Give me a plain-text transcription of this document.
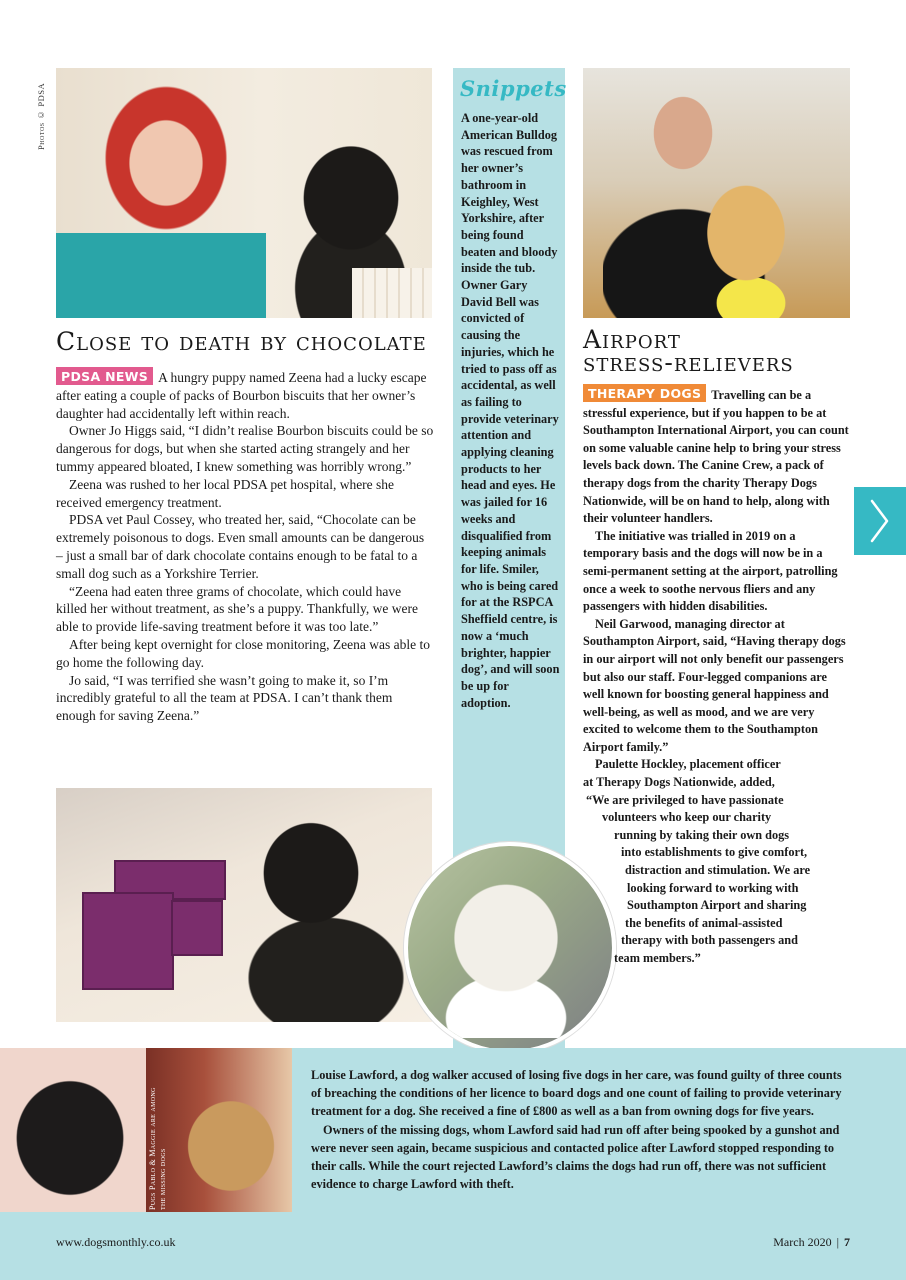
Photos © PDSA
Close to death by chocolate

PDSA NEWS A hungry puppy named Zeena had a lucky escape after eating a couple of packs of Bourbon biscuits that her owner’s daughter had accidentally left within reach.

Owner Jo Higgs said, “I didn’t realise Bourbon biscuits could be so dangerous for dogs, but when she started acting strangely and her tummy appeared bloated, I knew something was horribly wrong.”

Zeena was rushed to her local PDSA pet hospital, where she received emergency treatment.

PDSA vet Paul Cossey, who treated her, said, “Chocolate can be extremely poisonous to dogs. Even small amounts can be dangerous – just a small bar of dark chocolate contains enough to be fatal to a small dog such as a Yorkshire Terrier.

“Zeena had eaten three grams of chocolate, which could have killed her without treatment, as she’s a puppy. Thankfully, we were able to provide life-saving treatment before it was too late.”

After being kept overnight for close monitoring, Zeena was able to go home the following day.

Jo said, “I was terrified she wasn’t going to make it, so I’m incredibly grateful to all the team at PDSA. I can’t thank them enough for saving Zeena.”

Snippets
A one-year-old American Bulldog was rescued from her owner’s bathroom in Keighley, West Yorkshire, after being found beaten and bloody inside the tub. Owner Gary David Bell was convicted of causing the injuries, which he tried to pass off as accidental, as well as failing to provide veterinary attention and applying cleaning products to her head and eyes. He was jailed for 16 weeks and disqualified from keeping animals for life. Smiler, who is being cared for at the RSPCA Sheffield centre, is now a ‘much brighter, happier dog’, and will soon be up for adoption.
Airport
stress-relievers

THERAPY DOGS Travelling can be a stressful experience, but if you happen to be at Southampton International Airport, you can count on some valuable canine help to bring your stress levels back down. The Canine Crew, a pack of therapy dogs from the charity Therapy Dogs Nationwide, will be on hand to help, along with their volunteer handlers.

The initiative was trialled in 2019 on a temporary basis and the dogs will now be in a semi-permanent setting at the airport, patrolling once a week to soothe nervous fliers and any passengers with hidden disabilities.

Neil Garwood, managing director at Southampton Airport, said, “Having therapy dogs in our airport will not only benefit our passengers but also our staff. Four-legged companions are well known for boosting general happiness and well-being, as well as mood, and we are very excited to welcome them to the Southampton Airport family.”

Paulette Hockley, placement officer
at Therapy Dogs Nationwide, added,
“We are privileged to have passionate
volunteers who keep our charity
running by taking their own dogs
into establishments to give comfort,
distraction and stimulation. We are
looking forward to working with
Southampton Airport and sharing
the benefits of animal-assisted
therapy with both passengers and
team members.”

Pugs Pablo & Maggie are among the missing dogs

Louise Lawford, a dog walker accused of losing five dogs in her care, was found guilty of three counts of breaching the conditions of her licence to board dogs and one count of failing to provide veterinary treatment for a dog. She received a fine of £800 as well as a ban from owning dogs for five years.

Owners of the missing dogs, whom Lawford said had run off after being spooked by a gunshot and were never seen again, became suspicious and contacted police after Lawford stopped responding to their calls. While the court rejected Lawford’s claims the dogs had run off, there was not sufficient evidence to charge Lawford with theft.

www.dogsmonthly.co.uk	March 2020 | 7
